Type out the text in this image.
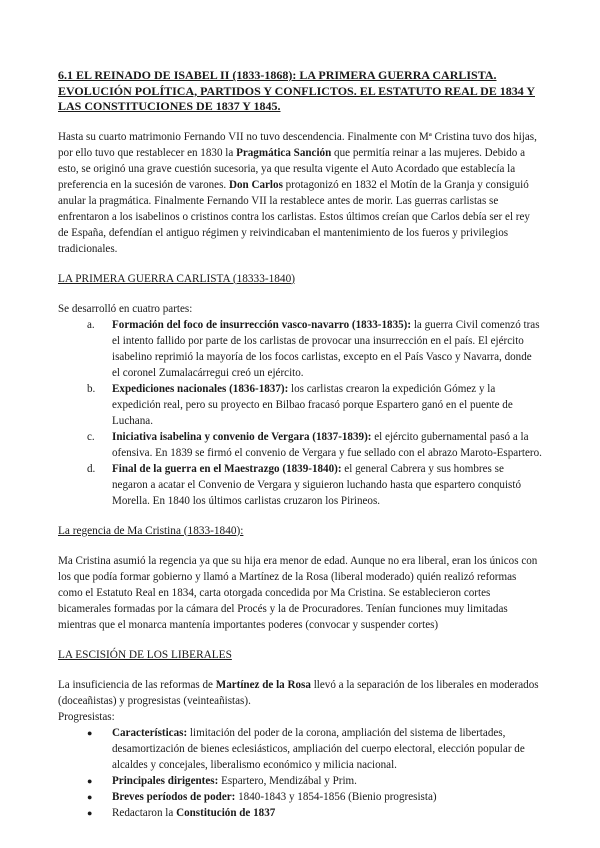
6.1 EL REINADO DE ISABEL II (1833-1868): LA PRIMERA GUERRA CARLISTA. EVOLUCIÓN POLÍTICA, PARTIDOS Y CONFLICTOS. EL ESTATUTO REAL DE 1834 Y LAS CONSTITUCIONES DE 1837 Y 1845.

Hasta su cuarto matrimonio Fernando VII no tuvo descendencia. Finalmente con Mª Cristina tuvo dos hijas, por ello tuvo que restablecer en 1830 la Pragmática Sanción que permitía reinar a las mujeres. Debido a esto, se originó una grave cuestión sucesoria, ya que resulta vigente el Auto Acordado que establecía la preferencia en la sucesión de varones. Don Carlos protagonizó en 1832 el Motín de la Granja y consiguió anular la pragmática. Finalmente Fernando VII la restablece antes de morir. Las guerras carlistas se enfrentaron a los isabelinos o cristinos contra los carlistas. Estos últimos creían que Carlos debía ser el rey de España, defendían el antiguo régimen y reivindicaban el mantenimiento de los fueros y privilegios tradicionales.

LA PRIMERA GUERRA CARLISTA (18333-1840)

Se desarrolló en cuatro partes:

a. Formación del foco de insurrección vasco-navarro (1833-1835): la guerra Civil comenzó tras el intento fallido por parte de los carlistas de provocar una insurrección en el país. El ejército isabelino reprimió la mayoría de los focos carlistas, excepto en el País Vasco y Navarra, donde el coronel Zumalacárregui creó un ejército.
b. Expediciones nacionales (1836-1837): los carlistas crearon la expedición Gómez y la expedición real, pero su proyecto en Bilbao fracasó porque Espartero ganó en el puente de Luchana.
c. Iniciativa isabelina y convenio de Vergara (1837-1839): el ejército gubernamental pasó a la ofensiva. En 1839 se firmó el convenio de Vergara y fue sellado con el abrazo Maroto-Espartero.
d. Final de la guerra en el Maestrazgo (1839-1840): el general Cabrera y sus hombres se negaron a acatar el Convenio de Vergara y siguieron luchando hasta que espartero conquistó Morella. En 1840 los últimos carlistas cruzaron los Pirineos.

La regencia de Ma Cristina (1833-1840):

Ma Cristina asumió la regencia ya que su hija era menor de edad. Aunque no era liberal, eran los únicos con los que podía formar gobierno y llamó a Martínez de la Rosa (liberal moderado) quién realizó reformas como el Estatuto Real en 1834, carta otorgada concedida por Ma Cristina. Se establecieron cortes bicamerales formadas por la cámara del Procés y la de Procuradores. Tenían funciones muy limitadas mientras que el monarca mantenía importantes poderes (convocar y suspender cortes)

LA ESCISIÓN DE LOS LIBERALES

La insuficiencia de las reformas de Martínez de la Rosa llevó a la separación de los liberales en moderados (doceañistas) y progresistas (veinteañistas).

Progresistas:

● Características: limitación del poder de la corona, ampliación del sistema de libertades, desamortización de bienes eclesiásticos, ampliación del cuerpo electoral, elección popular de alcaldes y concejales, liberalismo económico y milicia nacional.
● Principales dirigentes: Espartero, Mendizábal y Prim.
● Breves períodos de poder: 1840-1843 y 1854-1856 (Bienio progresista)
● Redactaron la Constitución de 1837
